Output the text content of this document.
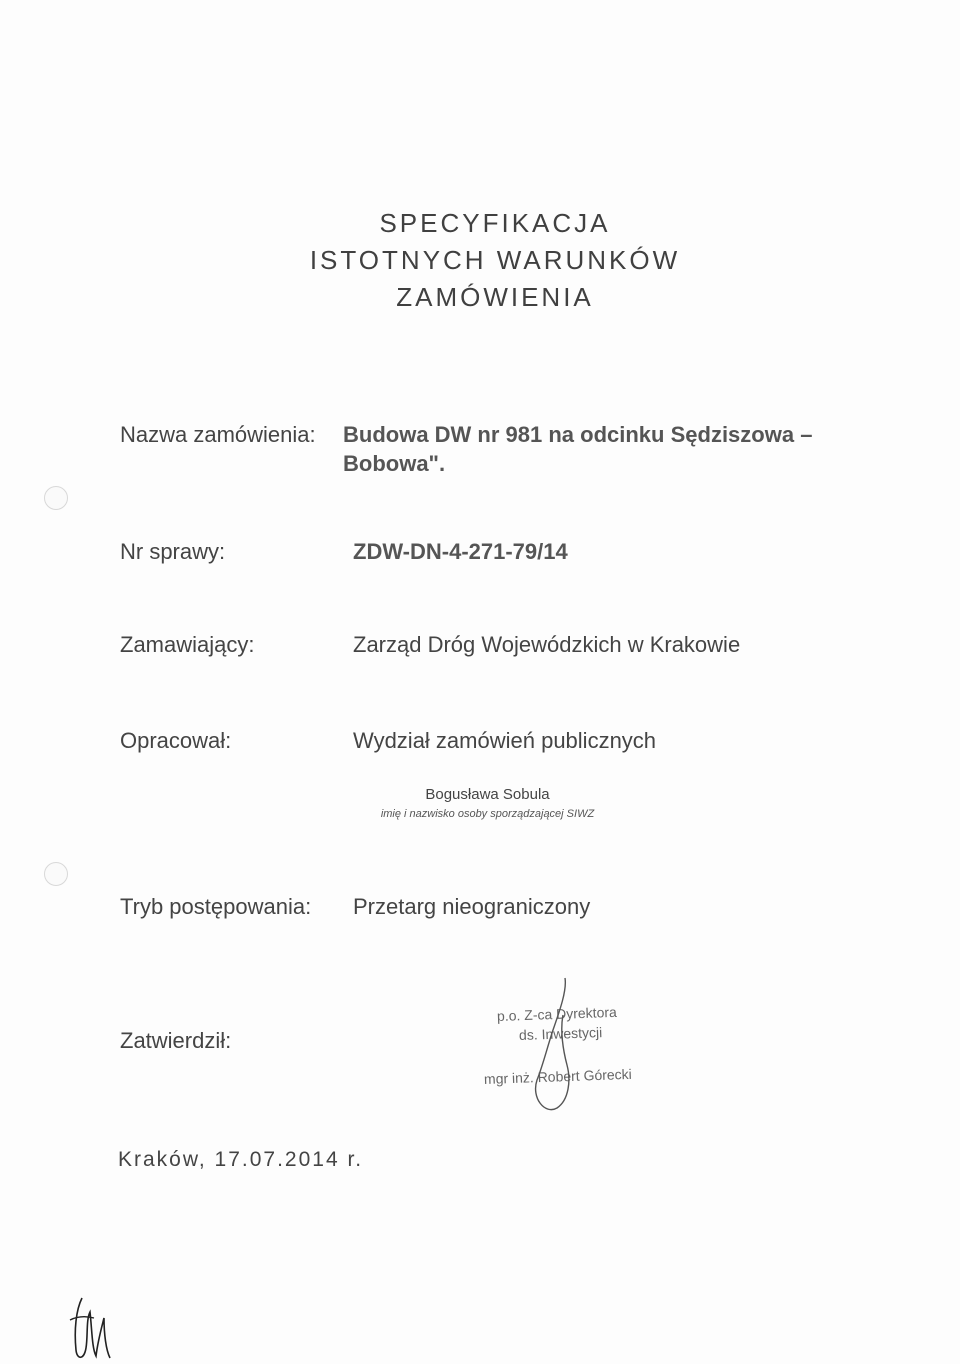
SPECYFIKACJA
ISTOTNYCH WARUNKÓW
ZAMÓWIENIA
Nazwa zamówienia: Budowa DW nr 981 na odcinku Sędziszowa –
Bobowa".
Nr sprawy:	ZDW-DN-4-271-79/14
Zamawiający:	Zarząd Dróg Wojewódzkich w Krakowie
Opracował:	Wydział zamówień publicznych
Bogusława Sobula
imię i nazwisko osoby sporządzającej SIWZ
Tryb postępowania: Przetarg nieograniczony
Zatwierdził:
p.o. Z-ca Dyrektora
ds. Inwestycji
mgr inż. Robert Górecki
Kraków, 17.07.2014 r.
